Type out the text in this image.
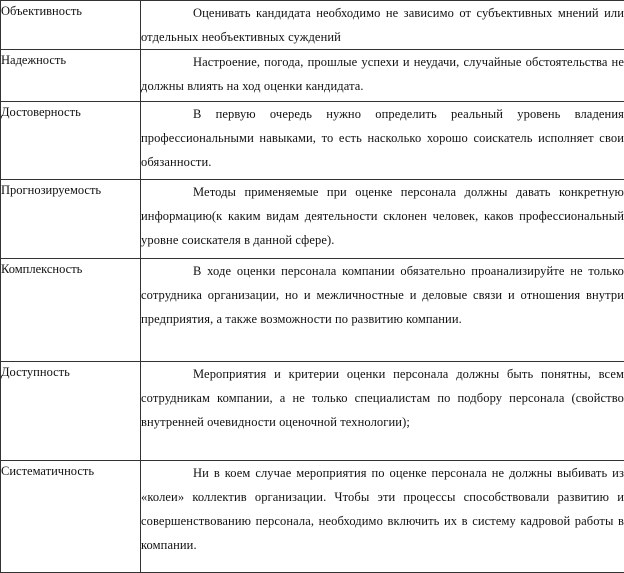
Объективность	Оценивать кандидата необходимо не зависимо от субъективных мнений или отдельных необъективных суждений
Надежность	Настроение, погода, прошлые успехи и неудачи, случайные обстоятельства не должны влиять на ход оценки кандидата.
Достоверность	В первую очередь нужно определить реальный уровень владения профессиональными навыками, то есть насколько хорошо соискатель исполняет свои обязанности.
Прогнозируемость	Методы применяемые при оценке персонала должны давать конкретную информацию(к каким видам деятельности склонен человек, каков профессиональный уровне соискателя в данной сфере).
Комплексность	В ходе оценки персонала компании обязательно проанализируйте не только сотрудника организации, но и межличностные и деловые связи и отношения внутри предприятия, а также возможности по развитию компании.
Доступность	Мероприятия и критерии оценки персонала должны быть понятны, всем сотрудникам компании, а не только специалистам по подбору персонала (свойство внутренней очевидности оценочной технологии);
Систематичность	Ни в коем случае мероприятия по оценке персонала не должны выбивать из «колеи» коллектив организации. Чтобы эти процессы способствовали развитию и совершенствованию персонала, необходимо включить их в систему кадровой работы в компании.
